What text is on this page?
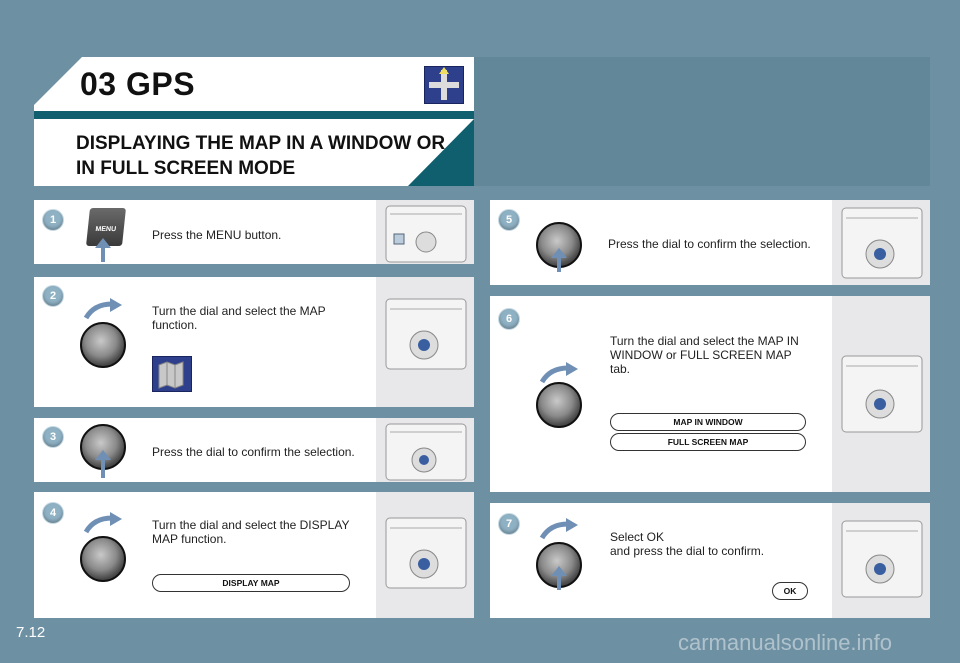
03 GPS
DISPLAYING THE MAP IN A WINDOW OR
IN FULL SCREEN MODE
1
MENU	Press the MENU button.
2
Turn the dial and select the MAP
function.
3
Press the dial to confirm the selection.
4
Turn the dial and select the DISPLAY
MAP function.
DISPLAY MAP
5
Press the dial to confirm the selection.
6
Turn the dial and select the MAP IN
WINDOW or FULL SCREEN MAP
tab.
MAP IN WINDOW
FULL SCREEN MAP
7
Select OK
and press the dial to confirm.
OK
7.12	carmanualsonline.info
